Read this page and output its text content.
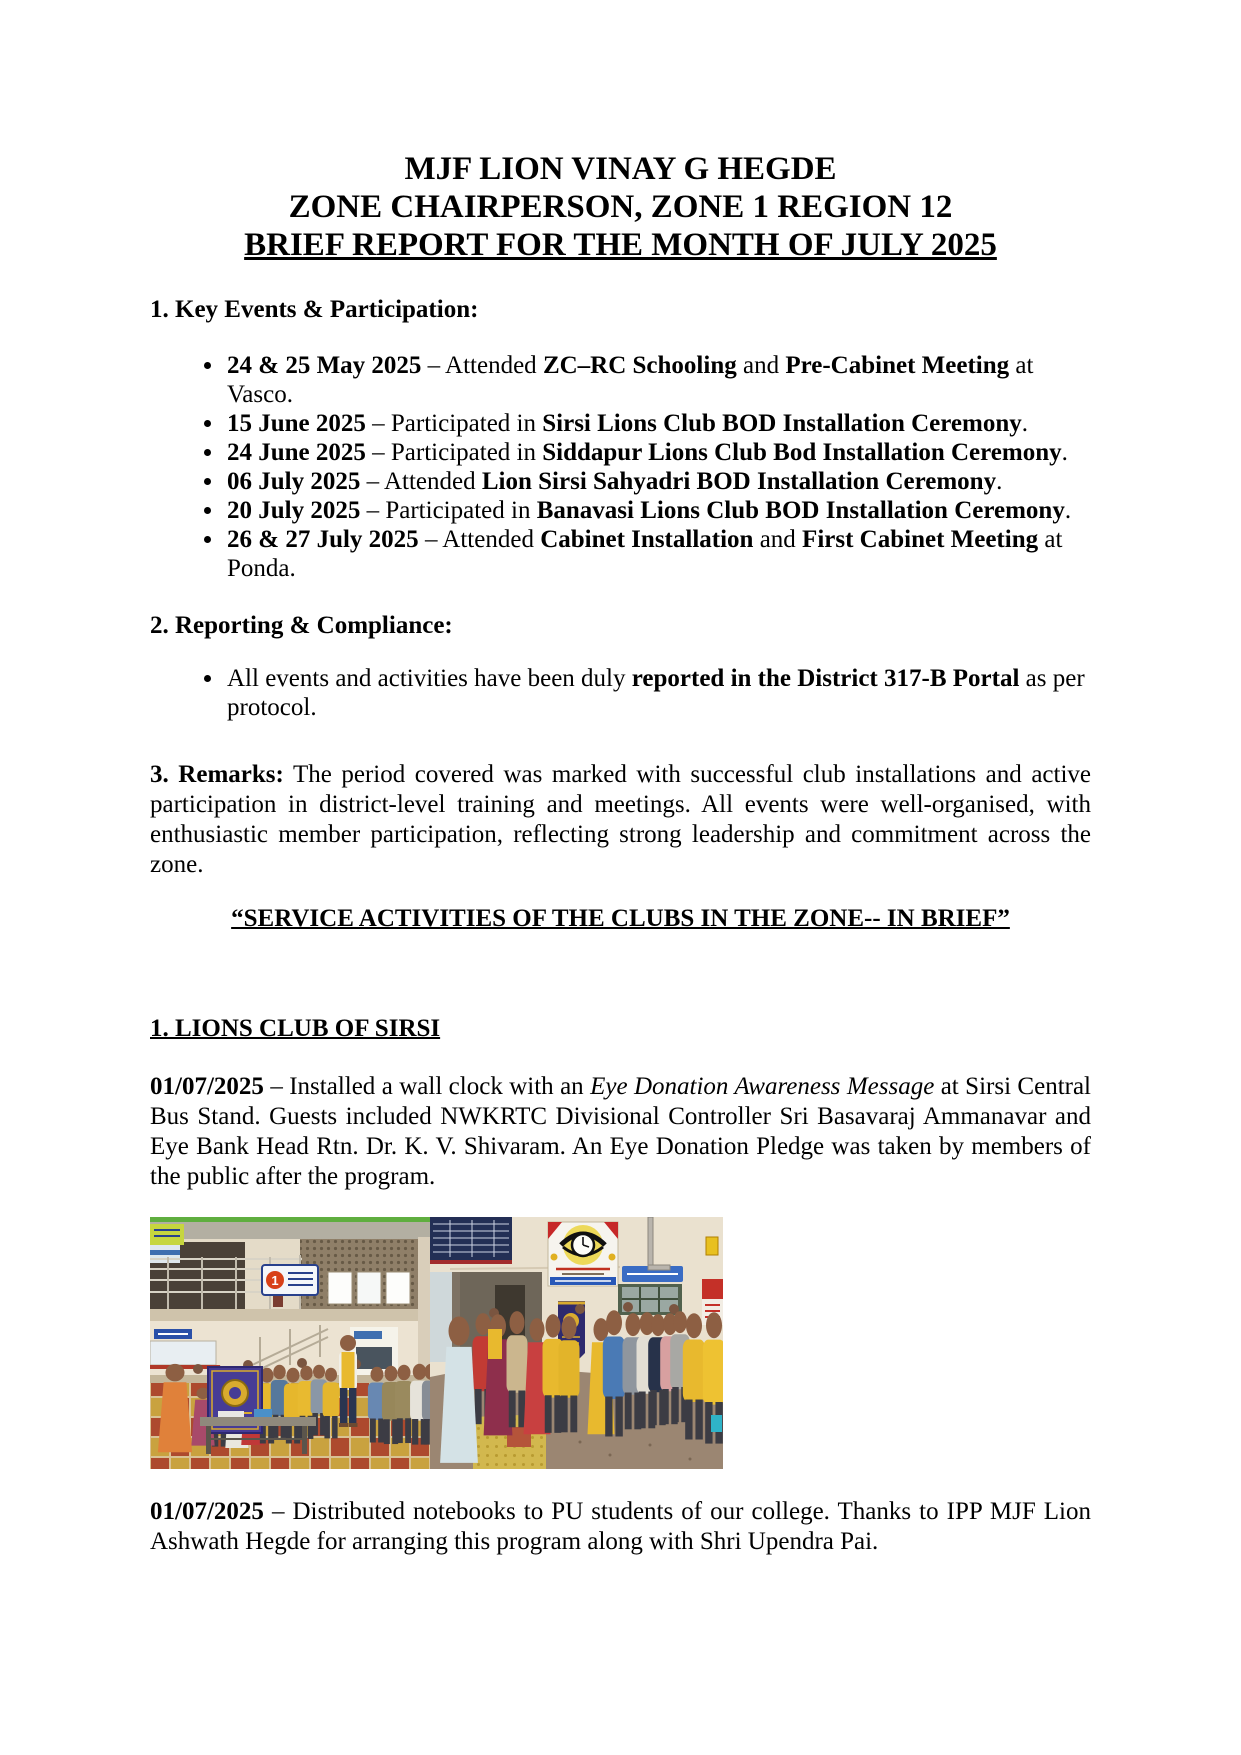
MJF LION VINAY G HEGDE
ZONE CHAIRPERSON, ZONE 1 REGION 12
BRIEF REPORT FOR THE MONTH OF JULY 2025
1. Key Events & Participation:
• 24 & 25 May 2025 – Attended ZC–RC Schooling and Pre-Cabinet Meeting at Vasco.
• 15 June 2025 – Participated in Sirsi Lions Club BOD Installation Ceremony.
• 24 June 2025 – Participated in Siddapur Lions Club Bod Installation Ceremony.
• 06 July 2025 – Attended Lion Sirsi Sahyadri BOD Installation Ceremony.
• 20 July 2025 – Participated in Banavasi Lions Club BOD Installation Ceremony.
• 26 & 27 July 2025 – Attended Cabinet Installation and First Cabinet Meeting at Ponda.
2. Reporting & Compliance:
• All events and activities have been duly reported in the District 317-B Portal as per protocol.

3. Remarks: The period covered was marked with successful club installations and active participation in district-level training and meetings. All events were well-organised, with enthusiastic member participation, reflecting strong leadership and commitment across the zone.

“SERVICE ACTIVITIES OF THE CLUBS IN THE ZONE-- IN BRIEF”
1. LIONS CLUB OF SIRSI

01/07/2025 – Installed a wall clock with an Eye Donation Awareness Message at Sirsi Central Bus Stand. Guests included NWKRTC Divisional Controller Sri Basavaraj Ammanavar and Eye Bank Head Rtn. Dr. K. V. Shivaram. An Eye Donation Pledge was taken by members of the public after the program.

1

01/07/2025 – Distributed notebooks to PU students of our college. Thanks to IPP MJF Lion Ashwath Hegde for arranging this program along with Shri Upendra Pai.
